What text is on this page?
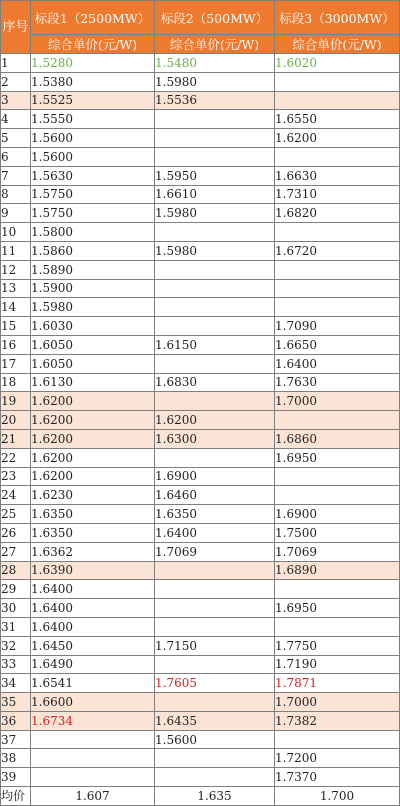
序号	标段1（2500MW）	标段2（500MW）	标段3（3000MW）
	综合单价(元/W)	综合单价(元/W)	综合单价(元/W)
1	1.5280	1.5480	1.6020
2	1.5380	1.5980	
3	1.5525	1.5536	
4	1.5550		1.6550
5	1.5600		1.6200
6	1.5600		
7	1.5630	1.5950	1.6630
8	1.5750	1.6610	1.7310
9	1.5750	1.5980	1.6820
10	1.5800		
11	1.5860	1.5980	1.6720
12	1.5890		
13	1.5900		
14	1.5980		
15	1.6030		1.7090
16	1.6050	1.6150	1.6650
17	1.6050		1.6400
18	1.6130	1.6830	1.7630
19	1.6200		1.7000
20	1.6200	1.6200	
21	1.6200	1.6300	1.6860
22	1.6200		1.6950
23	1.6200	1.6900	
24	1.6230	1.6460	
25	1.6350	1.6350	1.6900
26	1.6350	1.6400	1.7500
27	1.6362	1.7069	1.7069
28	1.6390		1.6890
29	1.6400		
30	1.6400		1.6950
31	1.6400		
32	1.6450	1.7150	1.7750
33	1.6490		1.7190
34	1.6541	1.7605	1.7871
35	1.6600		1.7000
36	1.6734	1.6435	1.7382
37		1.5600	
38			1.7200
39			1.7370
均价	1.607	1.635	1.700
